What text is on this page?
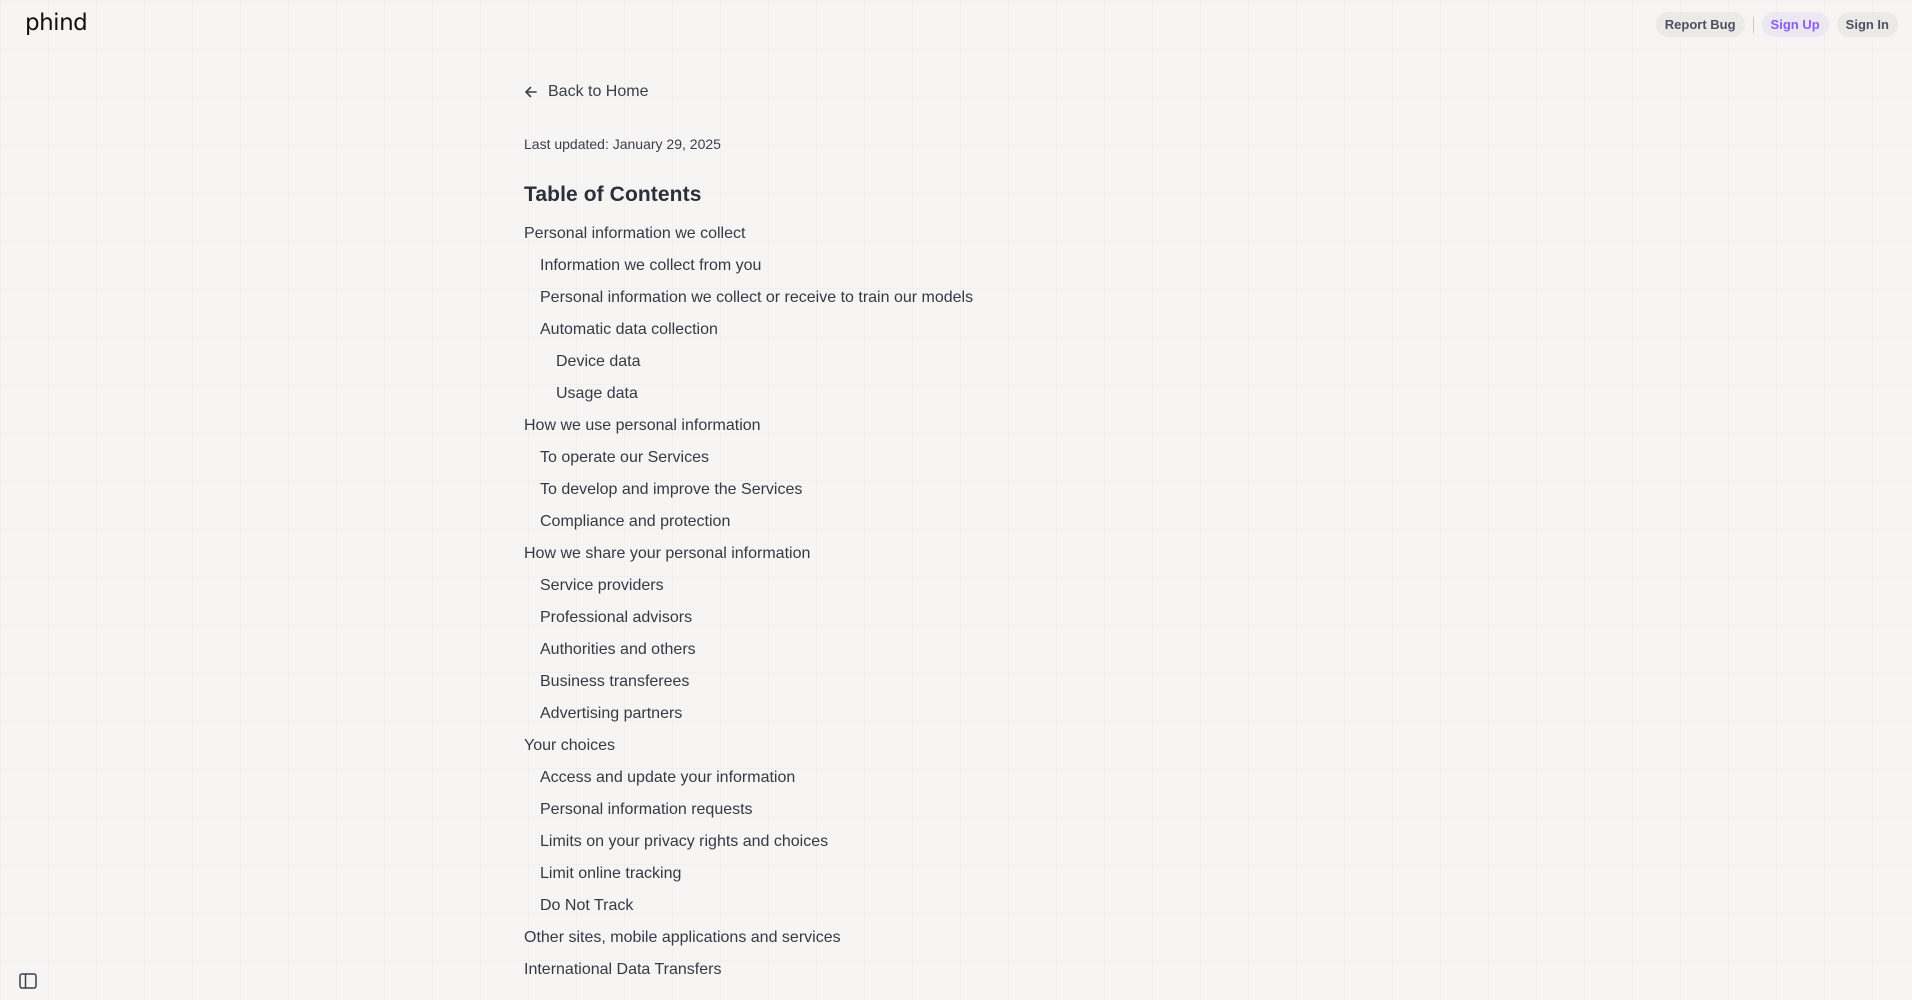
phind	Report Bug	Sign Up	Sign In
Back to Home
Last updated: January 29, 2025
Table of Contents
Personal information we collect
Information we collect from you
Personal information we collect or receive to train our models
Automatic data collection
Device data
Usage data
How we use personal information
To operate our Services
To develop and improve the Services
Compliance and protection
How we share your personal information
Service providers
Professional advisors
Authorities and others
Business transferees
Advertising partners
Your choices
Access and update your information
Personal information requests
Limits on your privacy rights and choices
Limit online tracking
Do Not Track
Other sites, mobile applications and services
International Data Transfers
